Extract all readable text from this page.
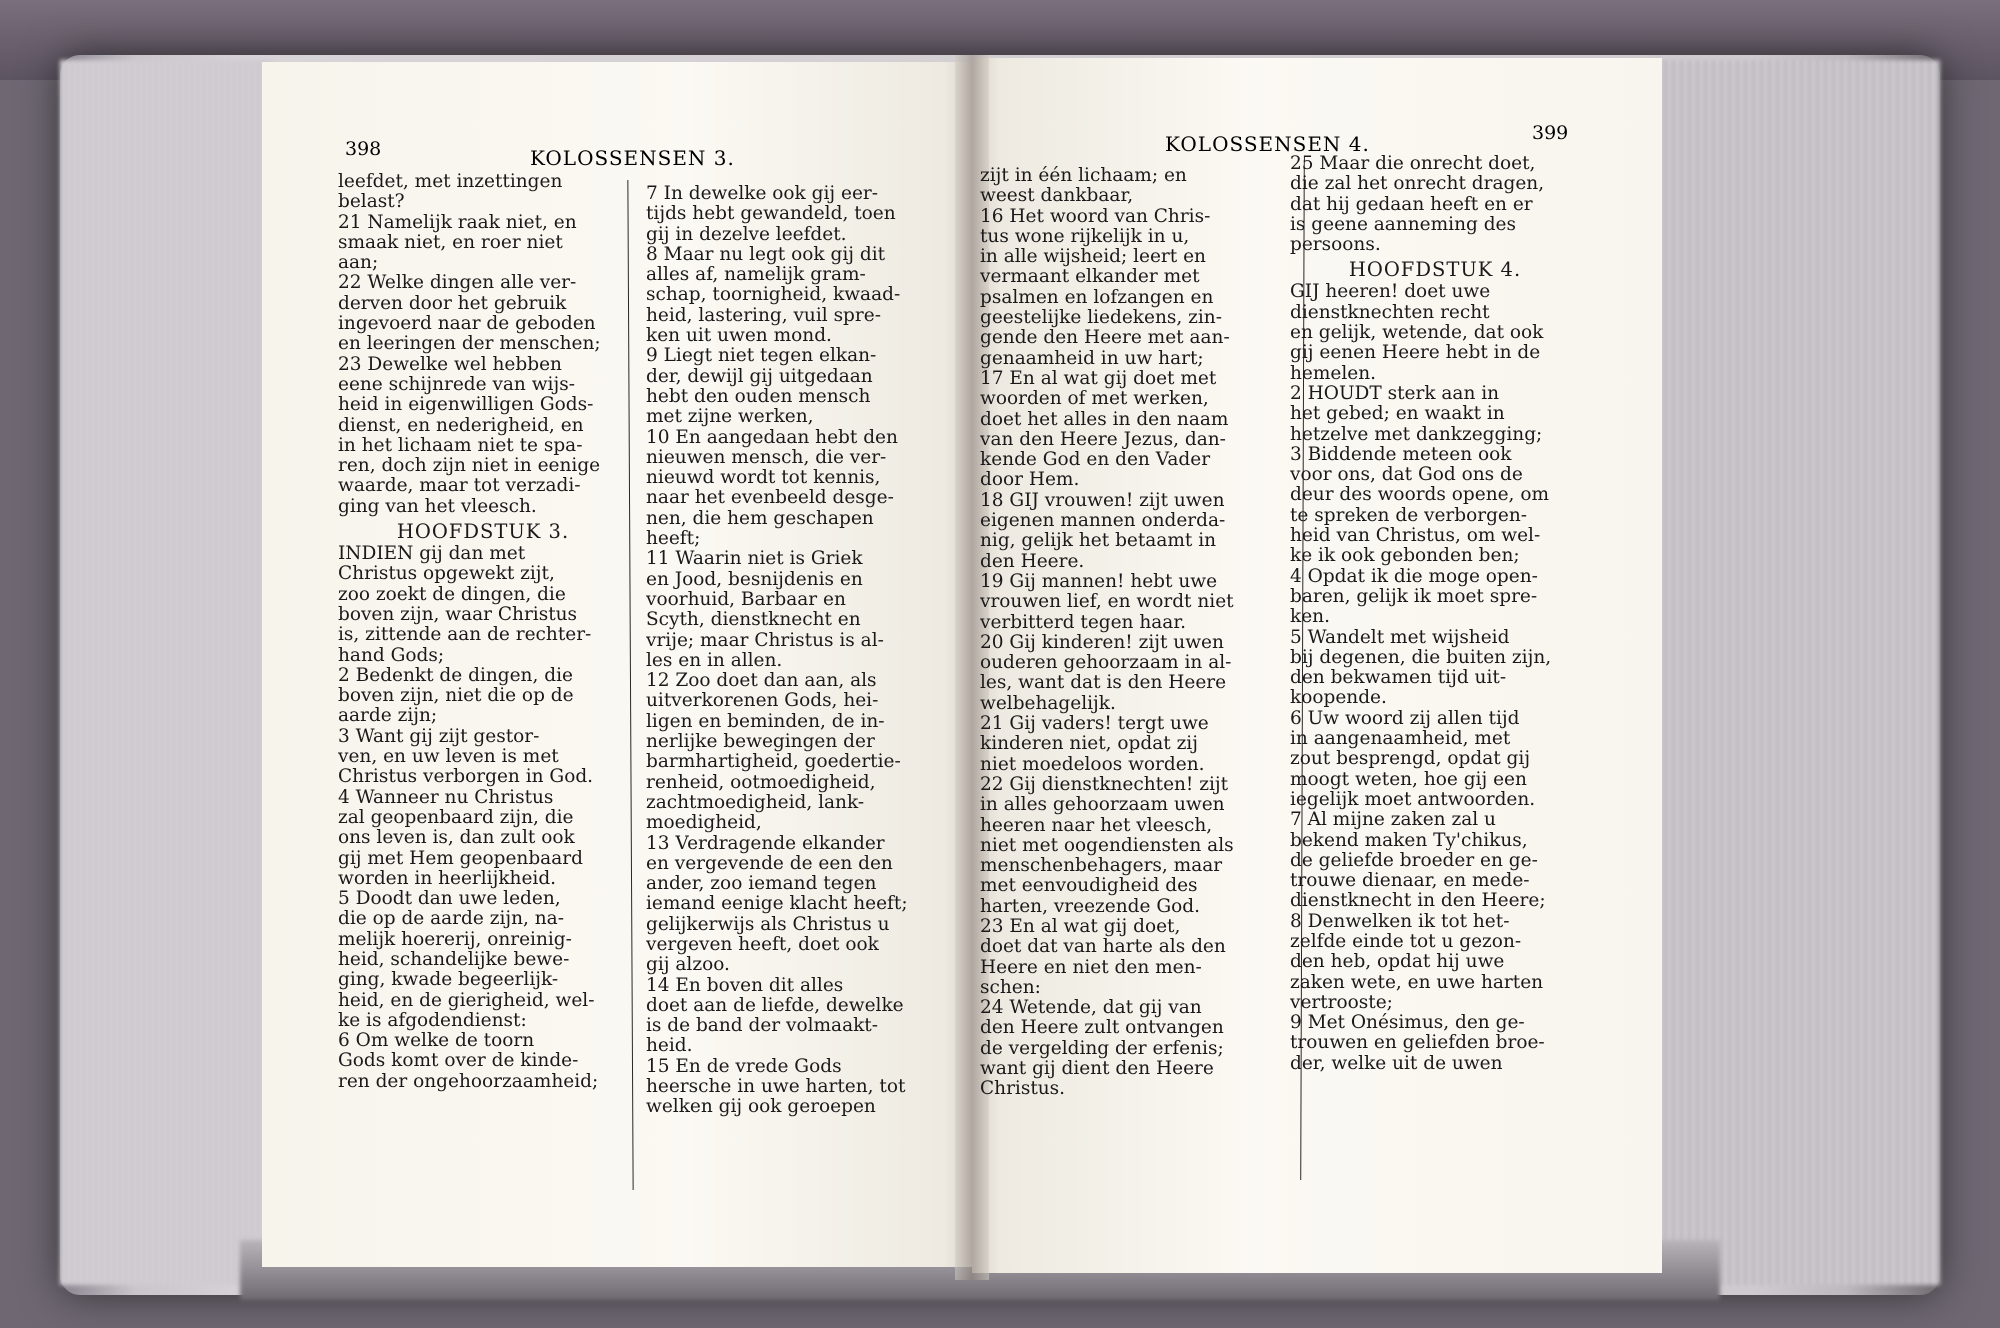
398	KOLOSSENSEN 3.
KOLOSSENSEN 4.	399
leefdet, met inzettingen
belast?
21 Namelijk raak niet, en
smaak niet, en roer niet
aan;
22 Welke dingen alle ver-
derven door het gebruik
ingevoerd naar de geboden
en leeringen der menschen;
23 Dewelke wel hebben
eene schijnrede van wijs-
heid in eigenwilligen Gods-
dienst, en nederigheid, en
in het lichaam niet te spa-
ren, doch zijn niet in eenige
waarde, maar tot verzadi-
ging van het vleesch.
HOOFDSTUK 3.
INDIEN gij dan met
Christus opgewekt zijt,
zoo zoekt de dingen, die
boven zijn, waar Christus
is, zittende aan de rechter-
hand Gods;
2 Bedenkt de dingen, die
boven zijn, niet die op de
aarde zijn;
3 Want gij zijt gestor-
ven, en uw leven is met
Christus verborgen in God.
4 Wanneer nu Christus
zal geopenbaard zijn, die
ons leven is, dan zult ook
gij met Hem geopenbaard
worden in heerlijkheid.
5 Doodt dan uwe leden,
die op de aarde zijn, na-
melijk hoererij, onreinig-
heid, schandelijke bewe-
ging, kwade begeerlijk-
heid, en de gierigheid, wel-
ke is afgodendienst:
6 Om welke de toorn
Gods komt over de kinde-
ren der ongehoorzaamheid;
7 In dewelke ook gij eer-
tijds hebt gewandeld, toen
gij in dezelve leefdet.
8 Maar nu legt ook gij dit
alles af, namelijk gram-
schap, toornigheid, kwaad-
heid, lastering, vuil spre-
ken uit uwen mond.
9 Liegt niet tegen elkan-
der, dewijl gij uitgedaan
hebt den ouden mensch
met zijne werken,
10 En aangedaan hebt den
nieuwen mensch, die ver-
nieuwd wordt tot kennis,
naar het evenbeeld desge-
nen, die hem geschapen
heeft;
11 Waarin niet is Griek
en Jood, besnijdenis en
voorhuid, Barbaar en
Scyth, dienstknecht en
vrije; maar Christus is al-
les en in allen.
12 Zoo doet dan aan, als
uitverkorenen Gods, hei-
ligen en beminden, de in-
nerlijke bewegingen der
barmhartigheid, goedertie-
renheid, ootmoedigheid,
zachtmoedigheid, lank-
moedigheid,
13 Verdragende elkander
en vergevende de een den
ander, zoo iemand tegen
iemand eenige klacht heeft;
gelijkerwijs als Christus u
vergeven heeft, doet ook
gij alzoo.
14 En boven dit alles
doet aan de liefde, dewelke
is de band der volmaakt-
heid.
15 En de vrede Gods
heersche in uwe harten, tot
welken gij ook geroepen
zijt in één lichaam; en
weest dankbaar,
16 Het woord van Chris-
tus wone rijkelijk in u,
in alle wijsheid; leert en
vermaant elkander met
psalmen en lofzangen en
geestelijke liedekens, zin-
gende den Heere met aan-
genaamheid in uw hart;
17 En al wat gij doet met
woorden of met werken,
doet het alles in den naam
van den Heere Jezus, dan-
kende God en den Vader
door Hem.
18 GIJ vrouwen! zijt uwen
eigenen mannen onderda-
nig, gelijk het betaamt in
den Heere.
19 Gij mannen! hebt uwe
vrouwen lief, en wordt niet
verbitterd tegen haar.
20 Gij kinderen! zijt uwen
ouderen gehoorzaam in al-
les, want dat is den Heere
welbehagelijk.
21 Gij vaders! tergt uwe
kinderen niet, opdat zij
niet moedeloos worden.
22 Gij dienstknechten! zijt
in alles gehoorzaam uwen
heeren naar het vleesch,
niet met oogendiensten als
menschenbehagers, maar
met eenvoudigheid des
harten, vreezende God.
23 En al wat gij doet,
doet dat van harte als den
Heere en niet den men-
schen:
24 Wetende, dat gij van
den Heere zult ontvangen
de vergelding der erfenis;
want gij dient den Heere
Christus.
25 Maar die onrecht doet,
die zal het onrecht dragen,
dat hij gedaan heeft en er
is geene aanneming des
persoons.
HOOFDSTUK 4.
GIJ heeren! doet uwe
dienstknechten recht
en gelijk, wetende, dat ook
gij eenen Heere hebt in de
hemelen.
2 HOUDT sterk aan in
het gebed; en waakt in
hetzelve met dankzegging;
3 Biddende meteen ook
voor ons, dat God ons de
deur des woords opene, om
te spreken de verborgen-
heid van Christus, om wel-
ke ik ook gebonden ben;
4 Opdat ik die moge open-
baren, gelijk ik moet spre-
ken.
5 Wandelt met wijsheid
bij degenen, die buiten zijn,
den bekwamen tijd uit-
koopende.
6 Uw woord zij allen tijd
in aangenaamheid, met
zout besprengd, opdat gij
moogt weten, hoe gij een
iegelijk moet antwoorden.
7 Al mijne zaken zal u
bekend maken Ty'chikus,
de geliefde broeder en ge-
trouwe dienaar, en mede-
dienstknecht in den Heere;
8 Denwelken ik tot het-
zelfde einde tot u gezon-
den heb, opdat hij uwe
zaken wete, en uwe harten
vertrooste;
9 Met Onésimus, den ge-
trouwen en geliefden broe-
der, welke uit de uwen
